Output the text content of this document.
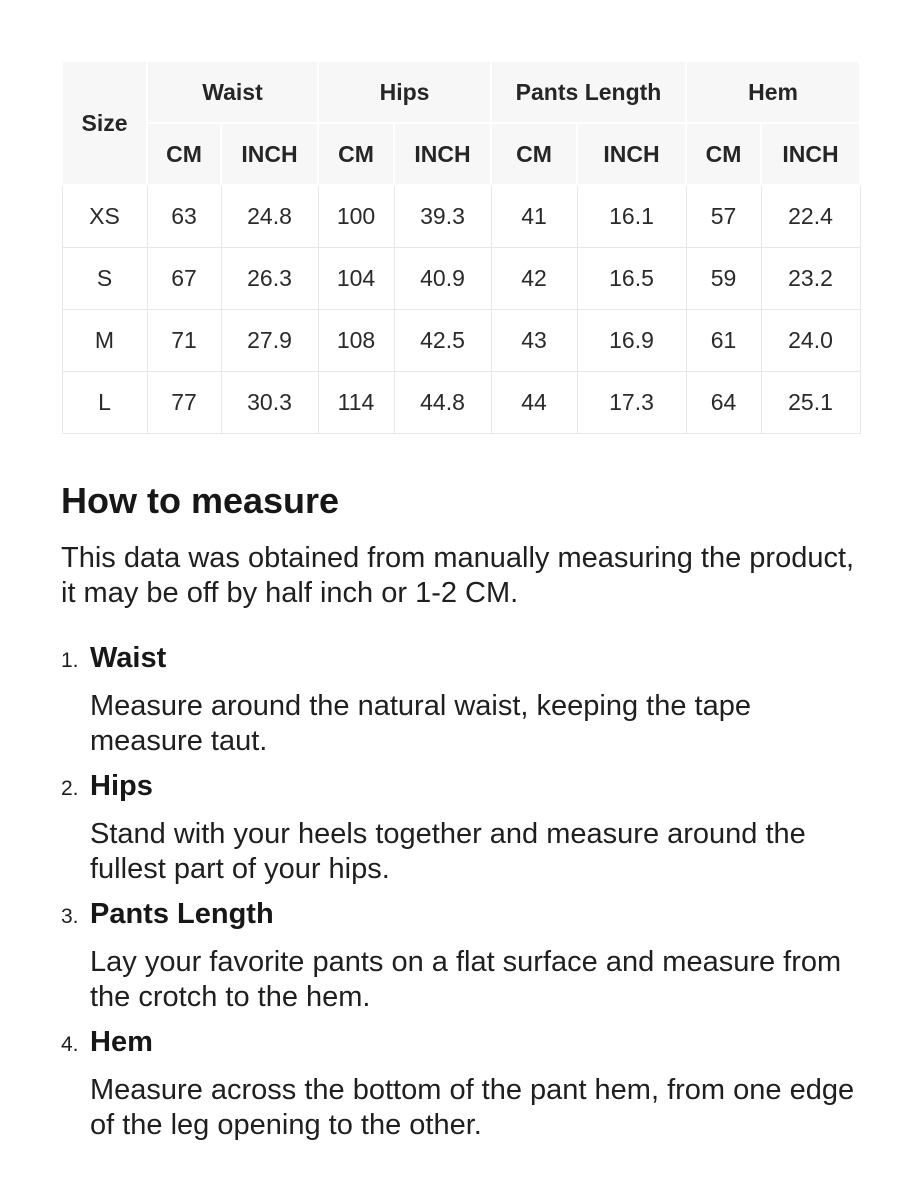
Size	Waist		Hips		Pants Length		Hem	
	CM	INCH	CM	INCH	CM	INCH	CM	INCH
XS	63	24.8	100	39.3	41	16.1	57	22.4
S	67	26.3	104	40.9	42	16.5	59	23.2
M	71	27.9	108	42.5	43	16.9	61	24.0
L	77	30.3	114	44.8	44	17.3	64	25.1
How to measure

This data was obtained from manually measuring the product, it may be off by half inch or 1-2 CM.

1. Waist

Measure around the natural waist, keeping the tape measure taut.

2. Hips

Stand with your heels together and measure around the fullest part of your hips.

3. Pants Length

Lay your favorite pants on a flat surface and measure from the crotch to the hem.

4. Hem

Measure across the bottom of the pant hem, from one edge of the leg opening to the other.
